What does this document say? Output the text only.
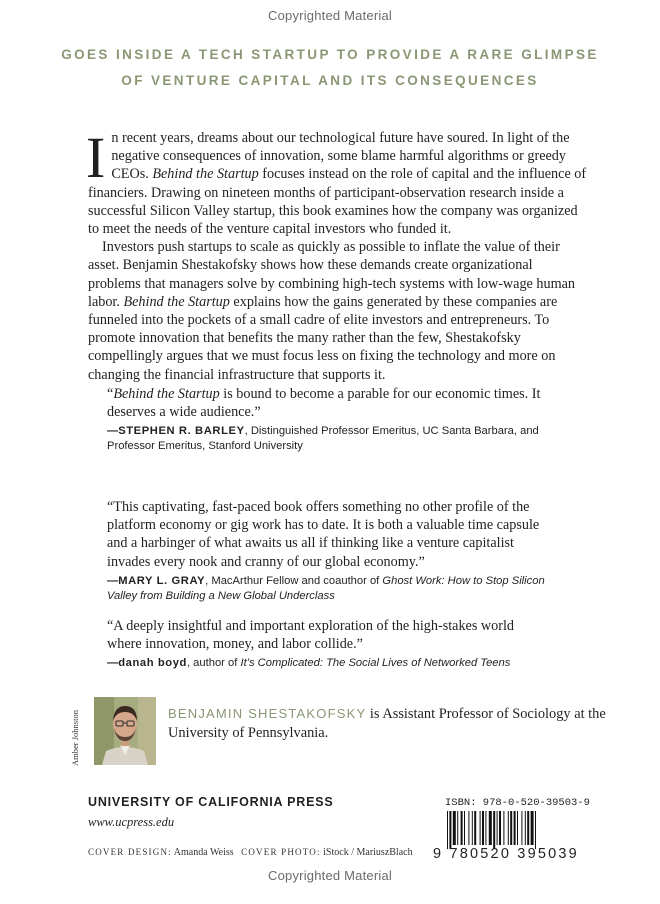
Copyrighted Material
GOES INSIDE A TECH STARTUP TO PROVIDE A RARE GLIMPSE
OF VENTURE CAPITAL AND ITS CONSEQUENCES

In recent years, dreams about our technological future have soured. In light of the negative consequences of innovation, some blame harmful algorithms or greedy CEOs. Behind the Startup focuses instead on the role of capital and the influence of financiers. Drawing on nineteen months of participant-observation research inside a successful Silicon Valley startup, this book examines how the company was organized to meet the needs of the venture capital investors who funded it.

Investors push startups to scale as quickly as possible to inflate the value of their asset. Benjamin Shestakofsky shows how these demands create organizational problems that managers solve by combining high-tech systems with low-wage human labor. Behind the Startup explains how the gains generated by these companies are funneled into the pockets of a small cadre of elite investors and entrepreneurs. To promote innovation that benefits the many rather than the few, Shestakofsky compellingly argues that we must focus less on fixing the technology and more on changing the financial infrastructure that supports it.

“Behind the Startup is bound to become a parable for our economic times. It deserves a wide audience.”

—STEPHEN R. BARLEY, Distinguished Professor Emeritus, UC Santa Barbara, and Professor Emeritus, Stanford University

“This captivating, fast-paced book offers something no other profile of the platform economy or gig work has to date. It is both a valuable time capsule and a harbinger of what awaits us all if thinking like a venture capitalist invades every nook and cranny of our global economy.”

—MARY L. GRAY, MacArthur Fellow and coauthor of Ghost Work: How to Stop Silicon Valley from Building a New Global Underclass

“A deeply insightful and important exploration of the high-stakes world where innovation, money, and labor collide.”

—danah boyd, author of It’s Complicated: The Social Lives of Networked Teens
Amber Johnston	BENJAMIN SHESTAKOFSKY is Assistant Professor of Sociology at the University of Pennsylvania.
UNIVERSITY OF CALIFORNIA PRESS
www.ucpress.edu
COVER DESIGN: Amanda Weiss COVER PHOTO: iStock / MariuszBlach
ISBN: 978-0-520-39503-9
9 780520 395039
Copyrighted Material
